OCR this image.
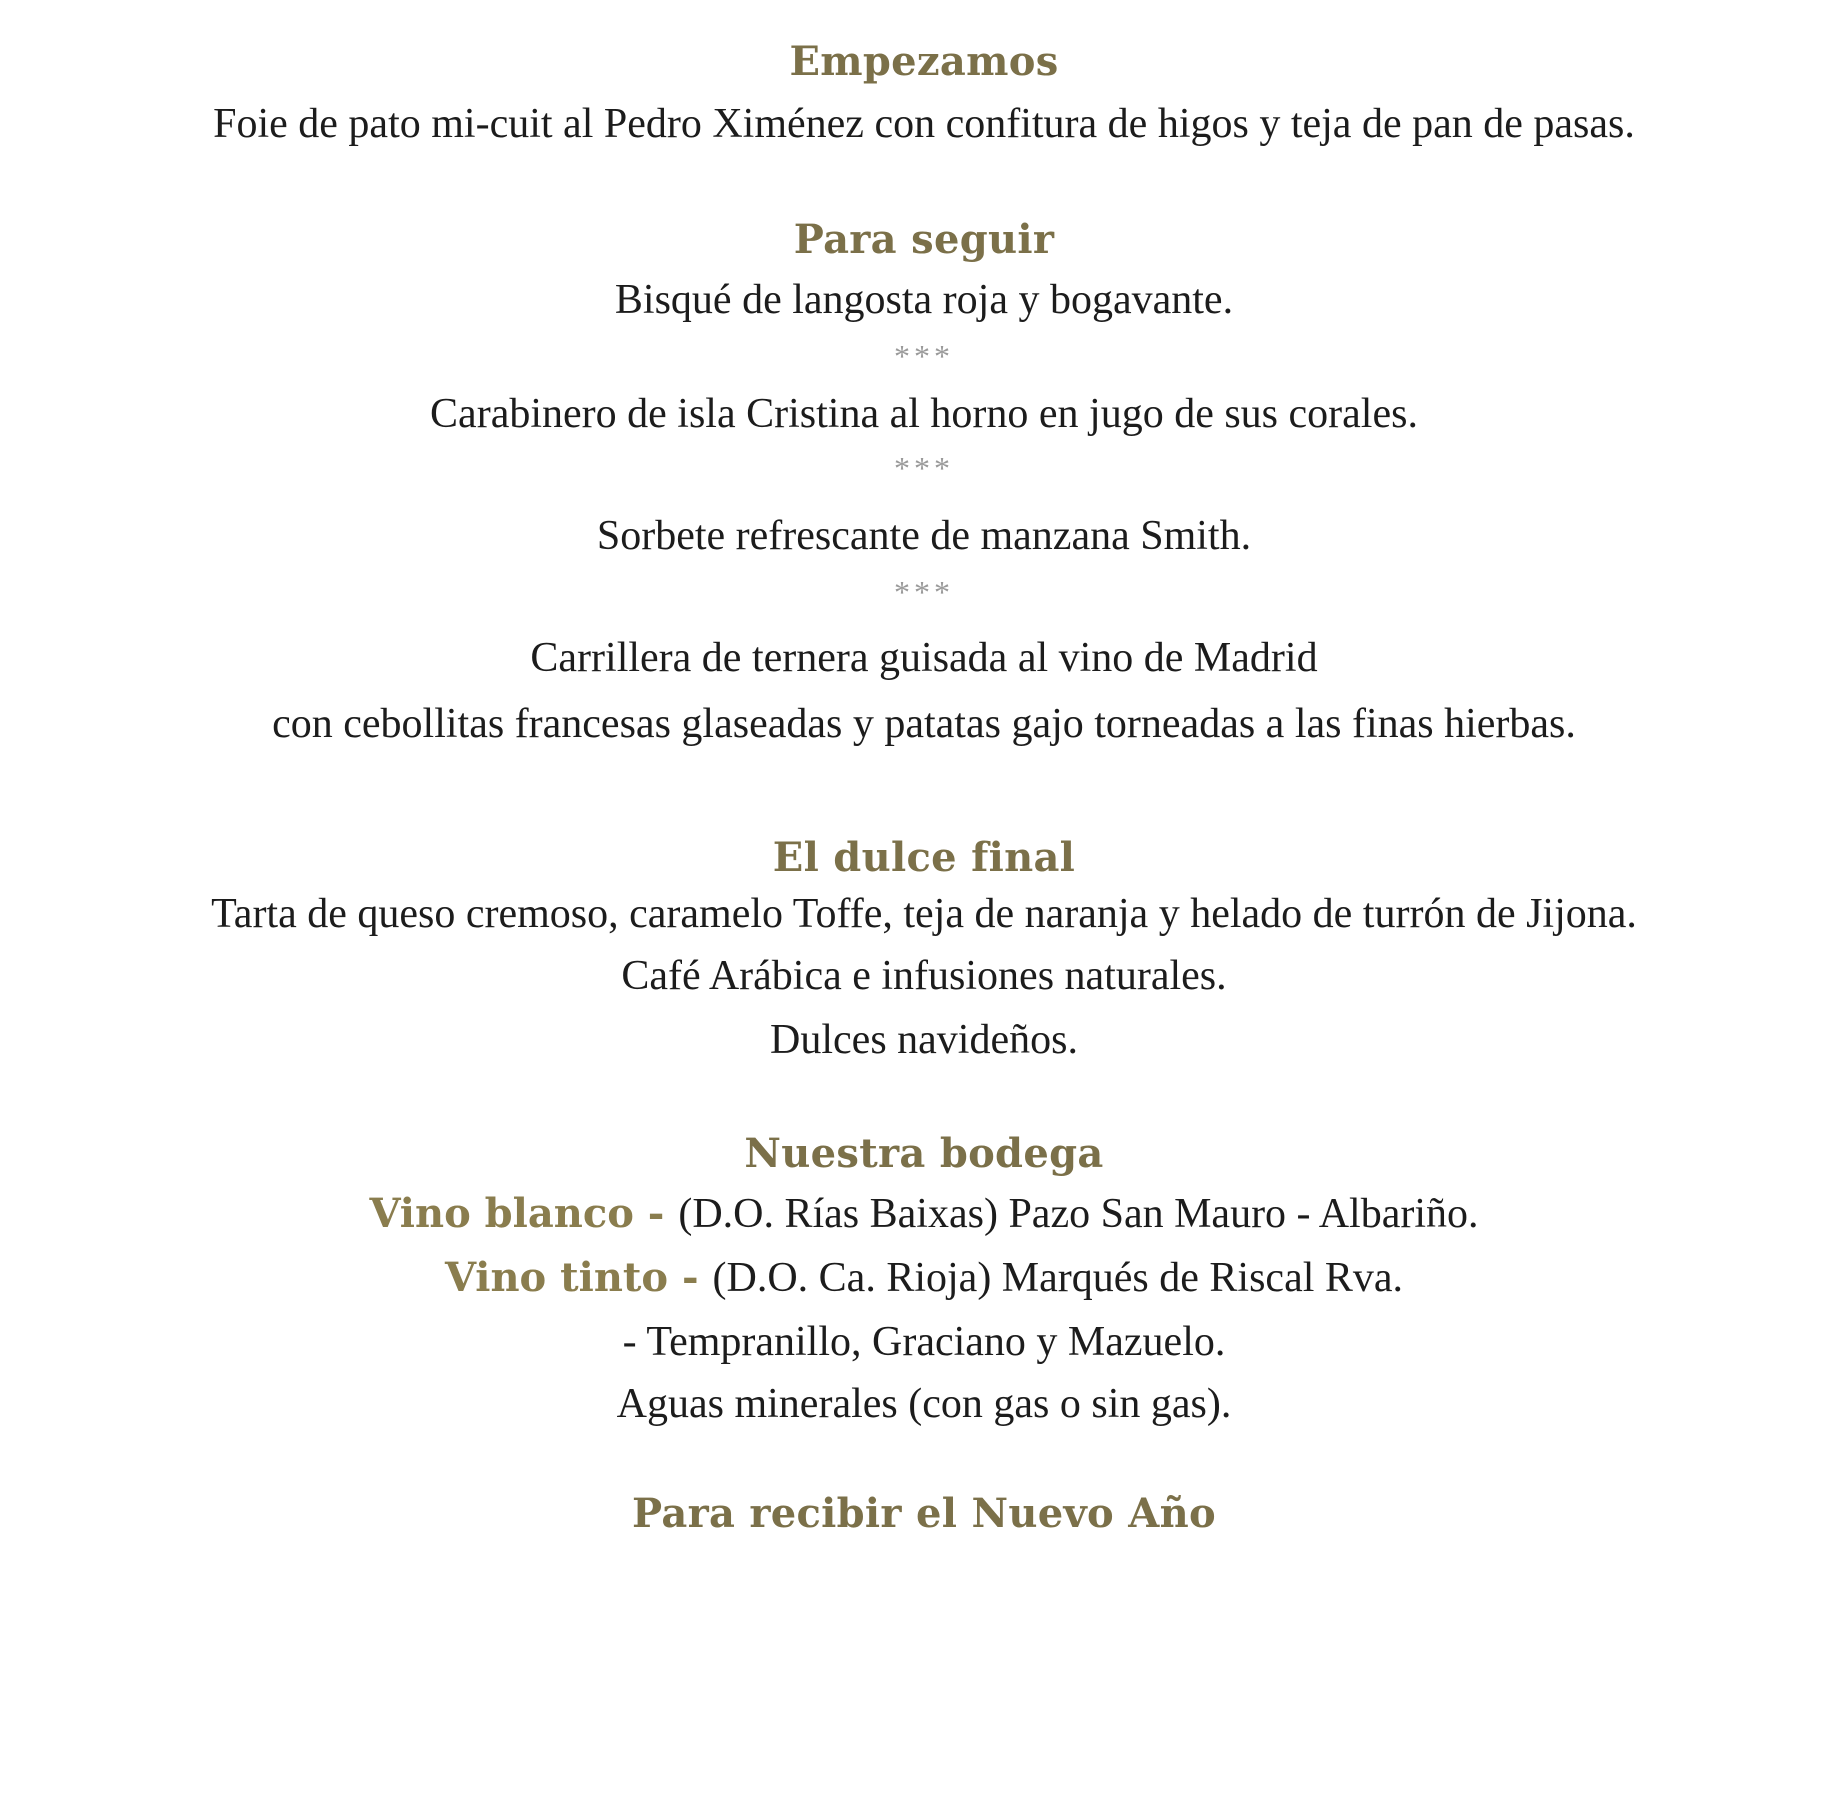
Empezamos
Foie de pato mi-cuit al Pedro Ximénez con confitura de higos y teja de pan de pasas.
Para seguir
Bisqué de langosta roja y bogavante.
***
Carabinero de isla Cristina al horno en jugo de sus corales.
***
Sorbete refrescante de manzana Smith.
***
Carrillera de ternera guisada al vino de Madrid
con cebollitas francesas glaseadas y patatas gajo torneadas a las finas hierbas.
El dulce final
Tarta de queso cremoso, caramelo Toffe, teja de naranja y helado de turrón de Jijona.
Café Arábica e infusiones naturales.
Dulces navideños.
Nuestra bodega
Vino blanco - (D.O. Rías Baixas) Pazo San Mauro - Albariño.
Vino tinto - (D.O. Ca. Rioja) Marqués de Riscal Rva.
- Tempranillo, Graciano y Mazuelo.
Aguas minerales (con gas o sin gas).
Para recibir el Nuevo Año
